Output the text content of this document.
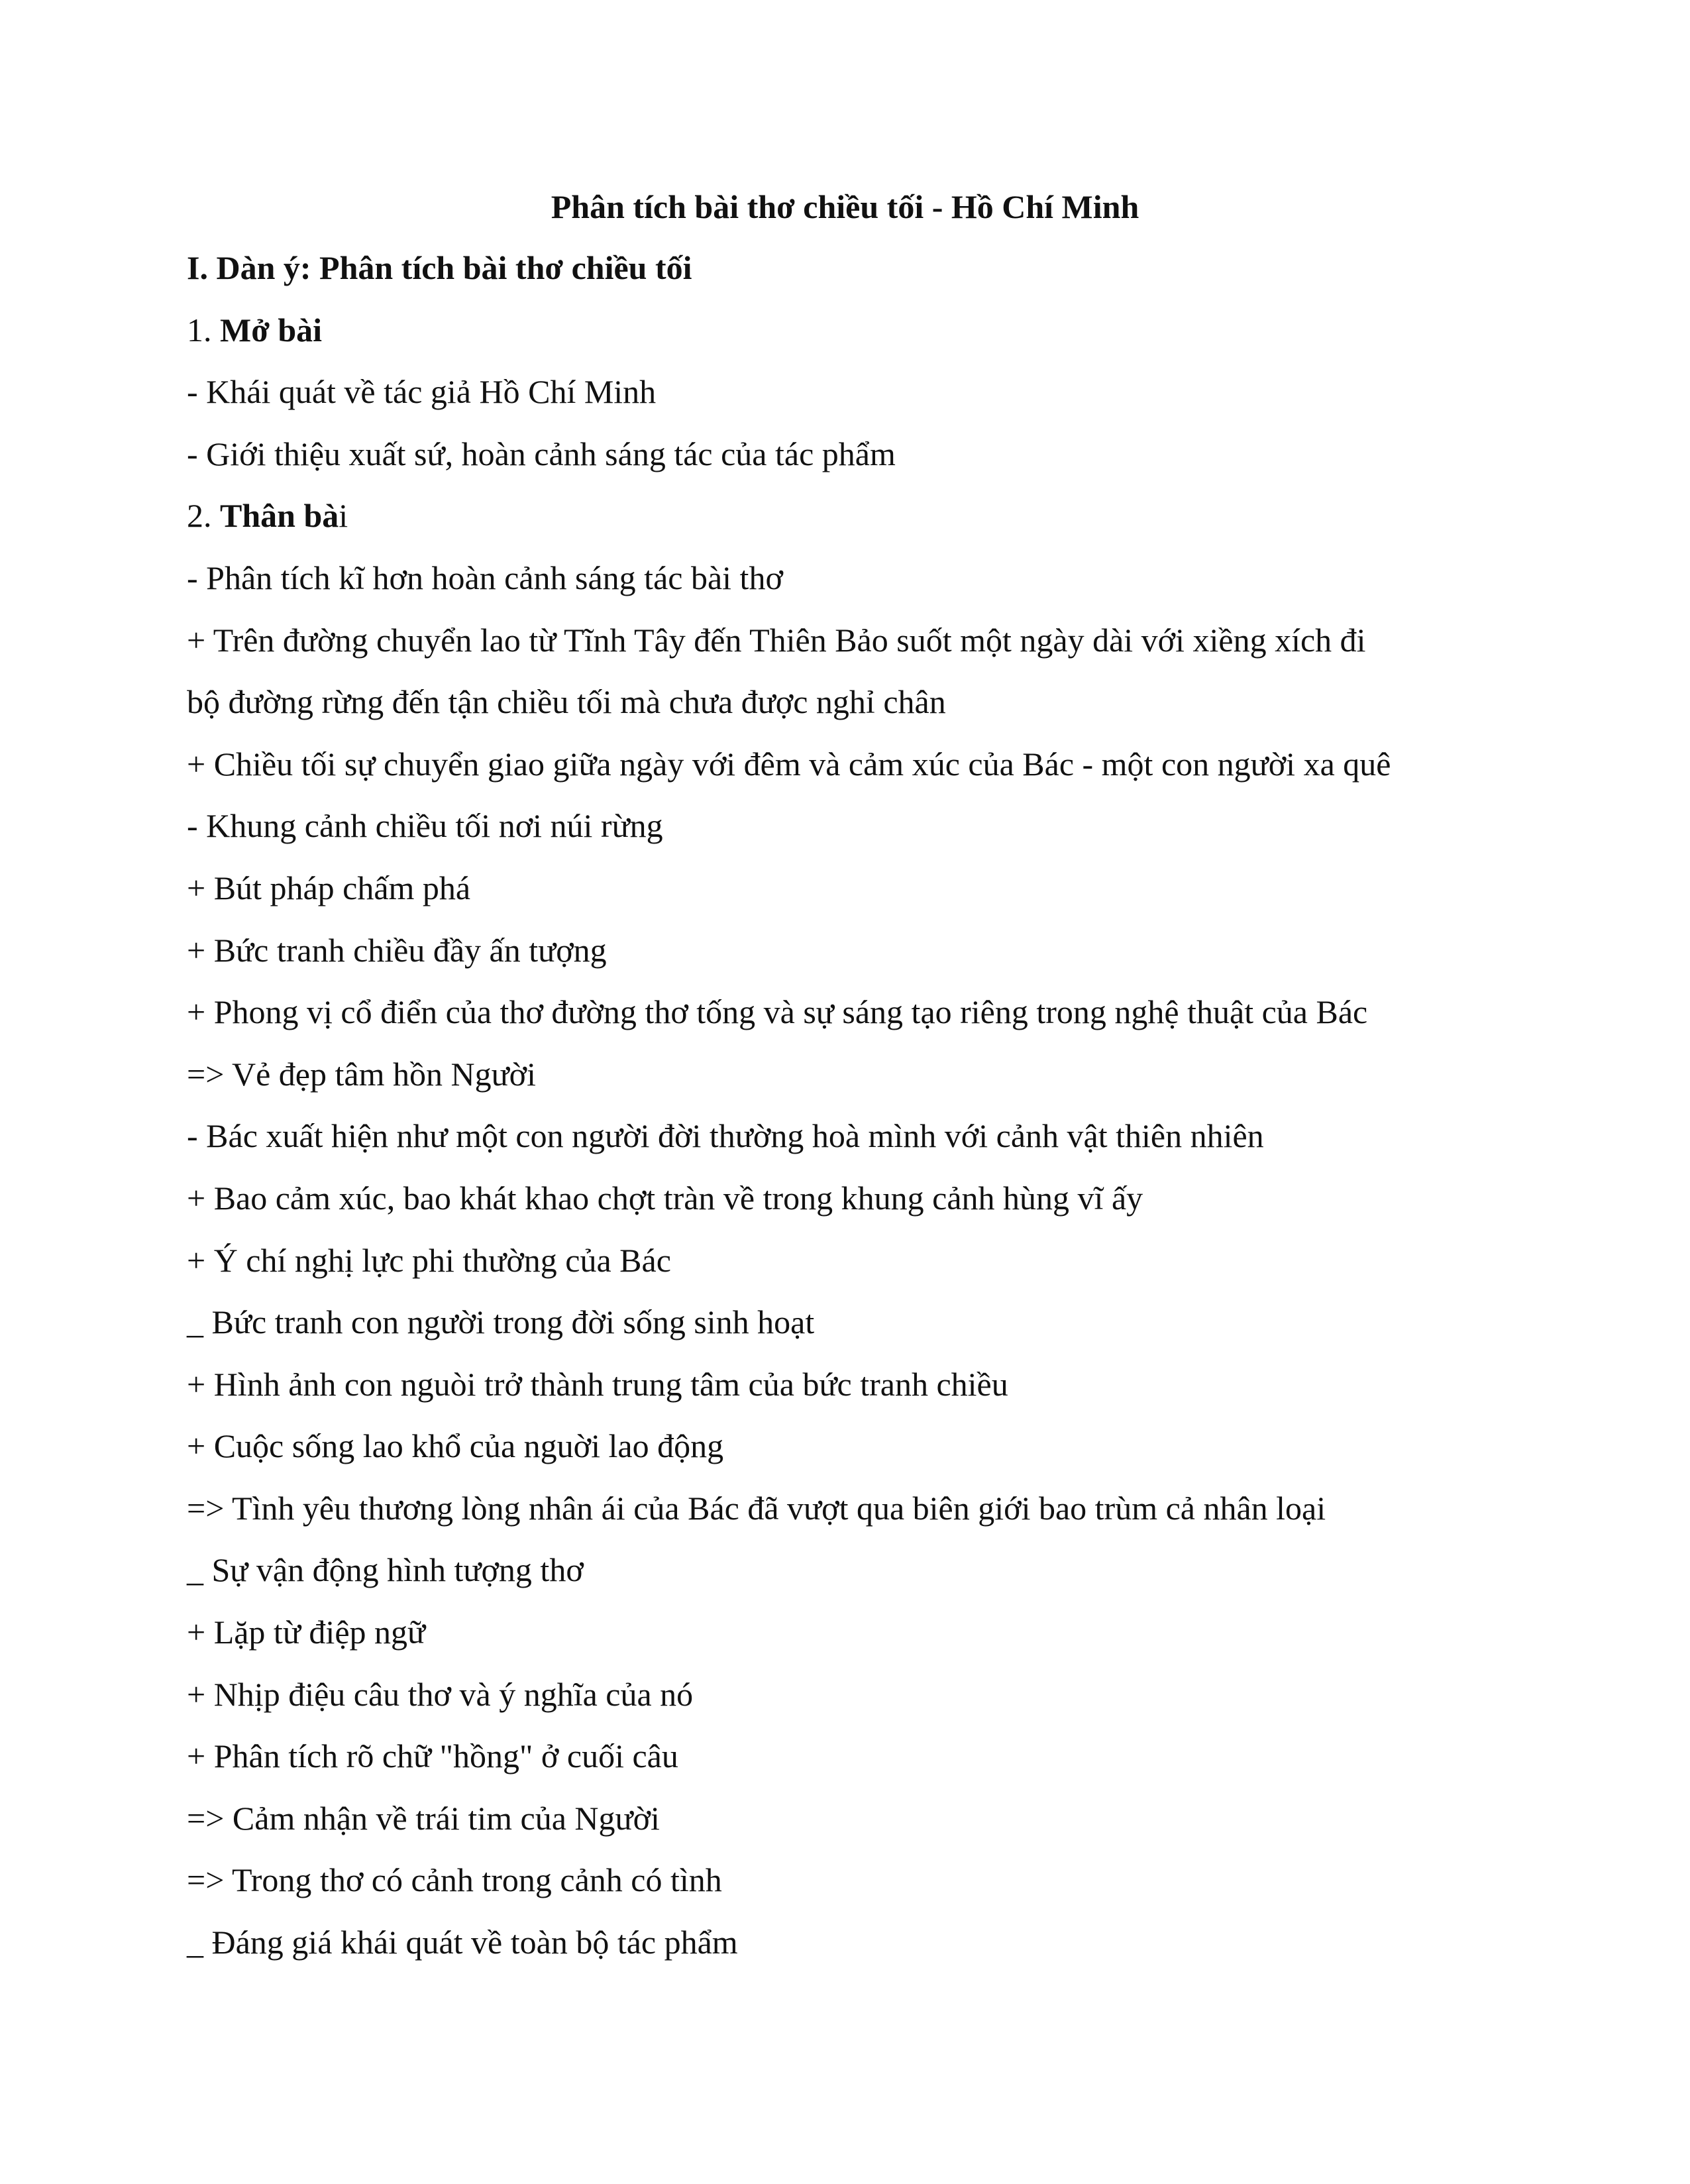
Phân tích bài thơ chiều tối - Hồ Chí Minh

I. Dàn ý: Phân tích bài thơ chiều tối

1. Mở bài

- Khái quát về tác giả Hồ Chí Minh

- Giới thiệu xuất sứ, hoàn cảnh sáng tác của tác phẩm

2. Thân bài

- Phân tích kĩ hơn hoàn cảnh sáng tác bài thơ

+ Trên đường chuyển lao từ Tĩnh Tây đến Thiên Bảo suốt một ngày dài với xiềng xích đi

bộ đường rừng đến tận chiều tối mà chưa được nghỉ chân

+ Chiều tối sự chuyển giao giữa ngày với đêm và cảm xúc của Bác - một con người xa quê

- Khung cảnh chiều tối nơi núi rừng

+ Bút pháp chấm phá

+ Bức tranh chiều đầy ấn tượng

+ Phong vị cổ điển của thơ đường thơ tống và sự sáng tạo riêng trong nghệ thuật của Bác

=> Vẻ đẹp tâm hồn Người

- Bác xuất hiện như một con người đời thường hoà mình với cảnh vật thiên nhiên

+ Bao cảm xúc, bao khát khao chợt tràn về trong khung cảnh hùng vĩ ấy

+ Ý chí nghị lực phi thường của Bác

_ Bức tranh con người trong đời sống sinh hoạt

+ Hình ảnh con nguòi trở thành trung tâm của bức tranh chiều

+ Cuộc sống lao khổ của nguời lao động

=> Tình yêu thương lòng nhân ái của Bác đã vượt qua biên giới bao trùm cả nhân loại

_ Sự vận động hình tượng thơ

+ Lặp từ điệp ngữ

+ Nhịp điệu câu thơ và ý nghĩa của nó

+ Phân tích rõ chữ "hồng" ở cuối câu

=> Cảm nhận về trái tim của Người

=> Trong thơ có cảnh trong cảnh có tình

_ Đáng giá khái quát về toàn bộ tác phẩm
